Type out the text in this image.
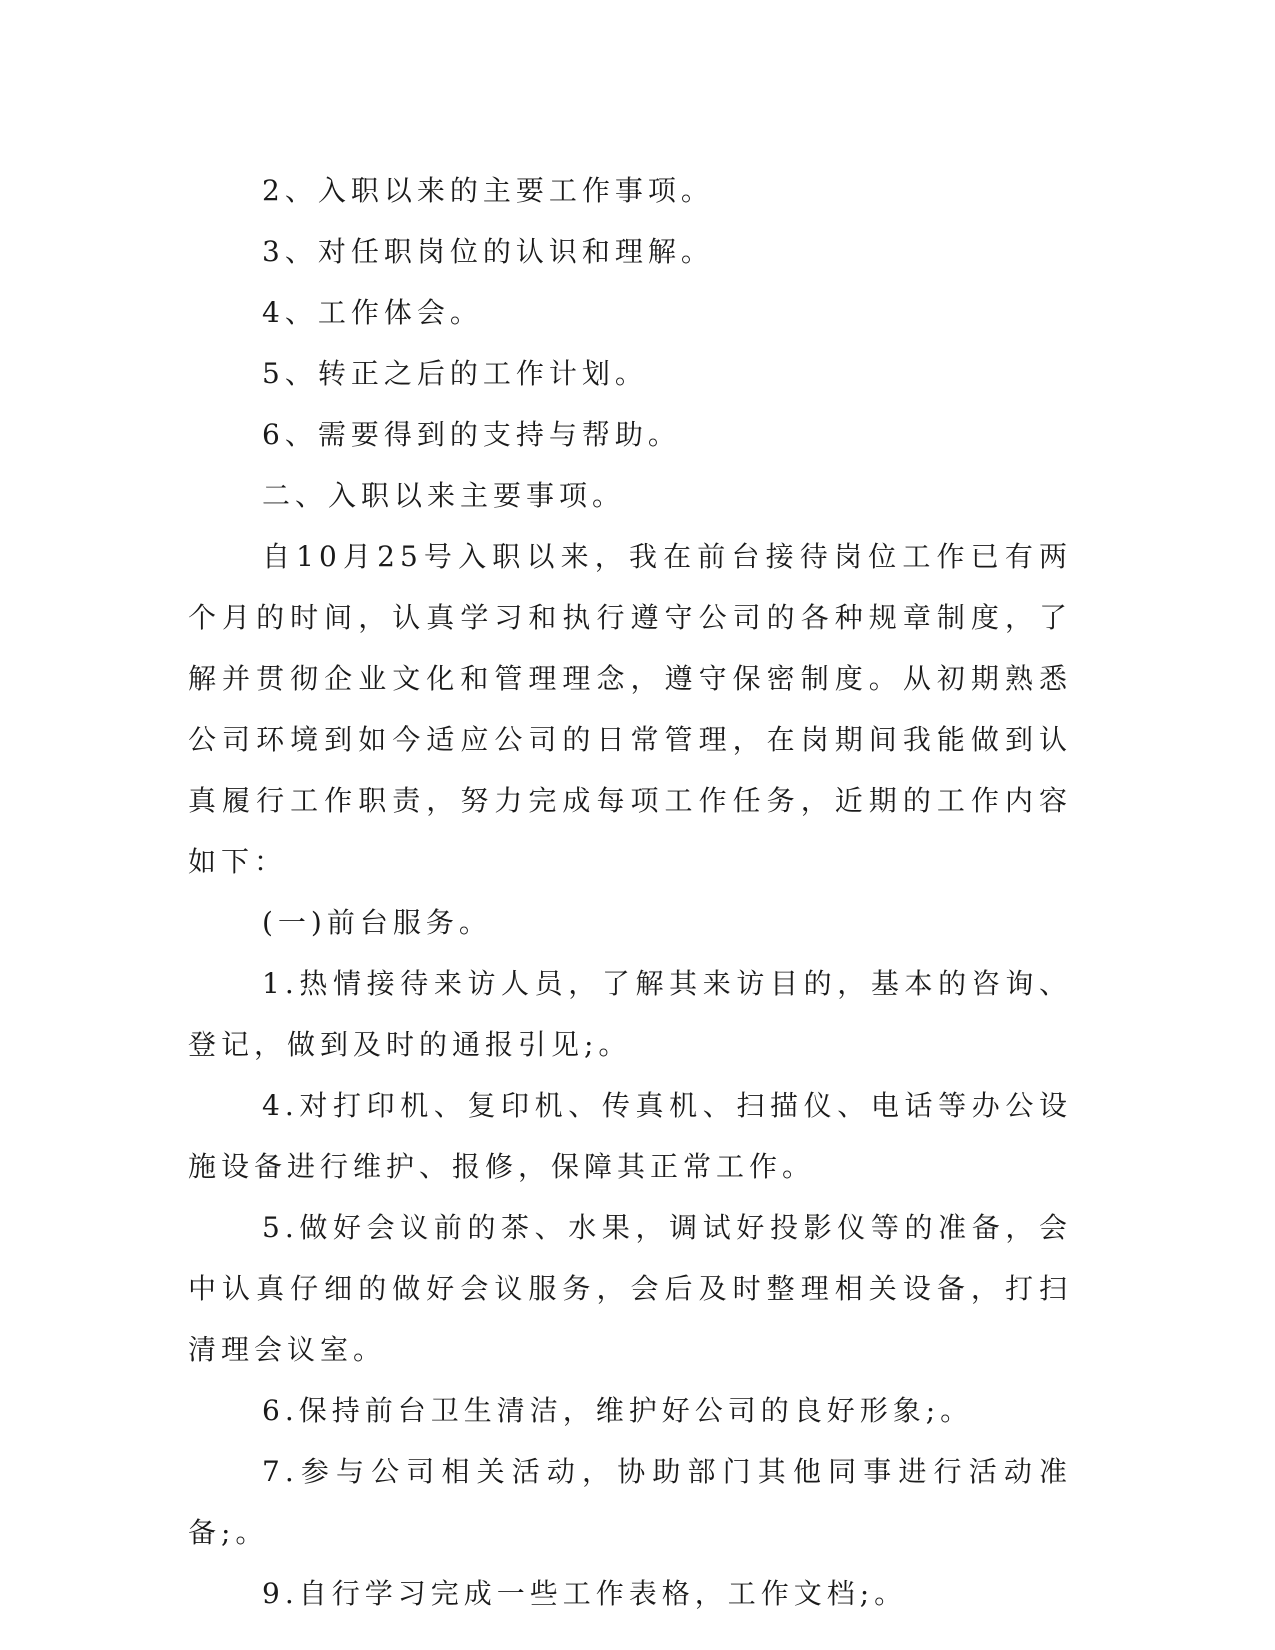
2、入职以来的主要工作事项。

3、对任职岗位的认识和理解。

4、工作体会。

5、转正之后的工作计划。

6、需要得到的支持与帮助。

二、入职以来主要事项。

自10月25号入职以来，我在前台接待岗位工作已有两个月的时间，认真学习和执行遵守公司的各种规章制度，了解并贯彻企业文化和管理理念，遵守保密制度。从初期熟悉公司环境到如今适应公司的日常管理，在岗期间我能做到认真履行工作职责，努力完成每项工作任务，近期的工作内容如下：

(一)前台服务。

1.热情接待来访人员，了解其来访目的，基本的咨询、登记，做到及时的通报引见;。

4.对打印机、复印机、传真机、扫描仪、电话等办公设施设备进行维护、报修，保障其正常工作。

5.做好会议前的茶、水果，调试好投影仪等的准备，会中认真仔细的做好会议服务，会后及时整理相关设备，打扫清理会议室。

6.保持前台卫生清洁，维护好公司的良好形象;。

7.参与公司相关活动，协助部门其他同事进行活动准备;。

9.自行学习完成一些工作表格，工作文档;。
